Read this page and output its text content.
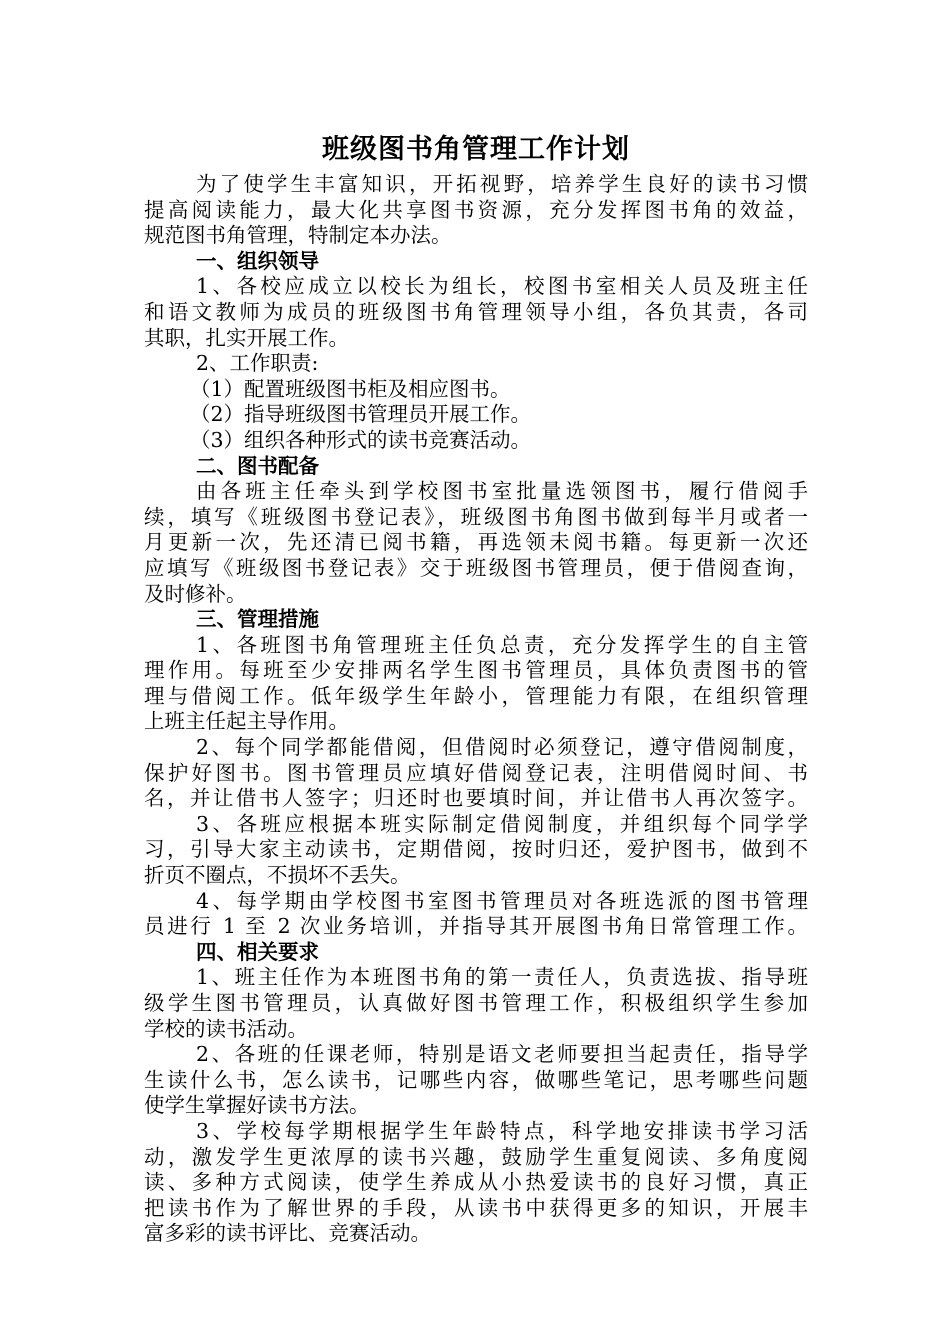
班级图书角管理工作计划
为了使学生丰富知识，开拓视野，培养学生良好的读书习惯
提高阅读能力，最大化共享图书资源，充分发挥图书角的效益，
规范图书角管理，特制定本办法。
一、组织领导
1、各校应成立以校长为组长，校图书室相关人员及班主任
和语文教师为成员的班级图书角管理领导小组，各负其责，各司
其职，扎实开展工作。
2、工作职责:
（1）配置班级图书柜及相应图书。
（2）指导班级图书管理员开展工作。
（3）组织各种形式的读书竞赛活动。
二、图书配备
由各班主任牵头到学校图书室批量选领图书，履行借阅手
续，填写《班级图书登记表》，班级图书角图书做到每半月或者一
月更新一次，先还清已阅书籍，再选领未阅书籍。每更新一次还
应填写《班级图书登记表》交于班级图书管理员，便于借阅查询，
及时修补。
三、管理措施
1、各班图书角管理班主任负总责，充分发挥学生的自主管
理作用。每班至少安排两名学生图书管理员，具体负责图书的管
理与借阅工作。低年级学生年龄小，管理能力有限，在组织管理
上班主任起主导作用。
2、每个同学都能借阅，但借阅时必须登记，遵守借阅制度，
保护好图书。图书管理员应填好借阅登记表，注明借阅时间、书
名，并让借书人签字；归还时也要填时间，并让借书人再次签字。
3、各班应根据本班实际制定借阅制度，并组织每个同学学
习，引导大家主动读书，定期借阅，按时归还，爱护图书，做到不
折页不圈点，不损坏不丢失。
4、每学期由学校图书室图书管理员对各班选派的图书管理
员进行 1 至 2 次业务培训，并指导其开展图书角日常管理工作。
四、相关要求
1、班主任作为本班图书角的第一责任人，负责选拔、指导班
级学生图书管理员，认真做好图书管理工作，积极组织学生参加
学校的读书活动。
2、各班的任课老师，特别是语文老师要担当起责任，指导学
生读什么书，怎么读书，记哪些内容，做哪些笔记，思考哪些问题
使学生掌握好读书方法。
3、学校每学期根据学生年龄特点，科学地安排读书学习活
动，激发学生更浓厚的读书兴趣，鼓励学生重复阅读、多角度阅
读、多种方式阅读，使学生养成从小热爱读书的良好习惯，真正
把读书作为了解世界的手段，从读书中获得更多的知识，开展丰
富多彩的读书评比、竞赛活动。
